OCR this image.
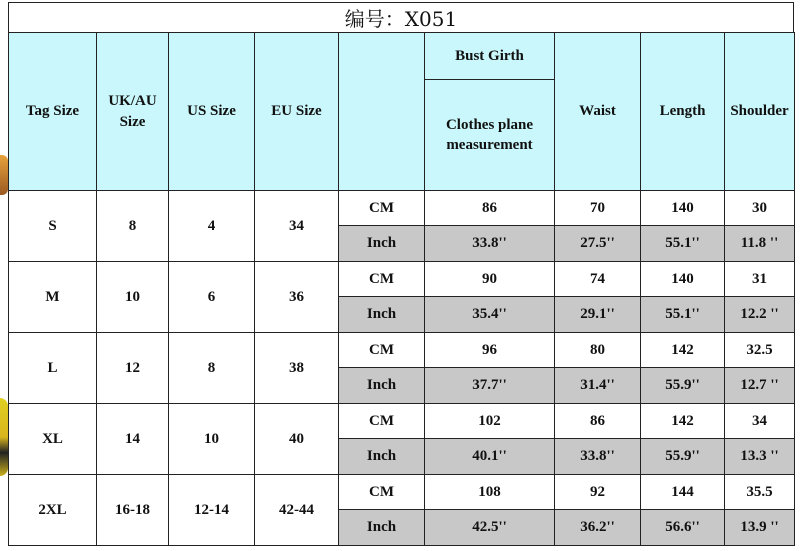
编号：X051
Tag Size	UK/AU Size	US Size	EU Size		Bust Girth	Waist	Length	Shoulder
					Clothes plane measurement			
S	8	4	34	CM	86	70	140	30
				Inch	33.8''	27.5''	55.1''	11.8 ''
M	10	6	36	CM	90	74	140	31
				Inch	35.4''	29.1''	55.1''	12.2 ''
L	12	8	38	CM	96	80	142	32.5
				Inch	37.7''	31.4''	55.9''	12.7 ''
XL	14	10	40	CM	102	86	142	34
				Inch	40.1''	33.8''	55.9''	13.3 ''
2XL	16-18	12-14	42-44	CM	108	92	144	35.5
				Inch	42.5''	36.2''	56.6''	13.9 ''
